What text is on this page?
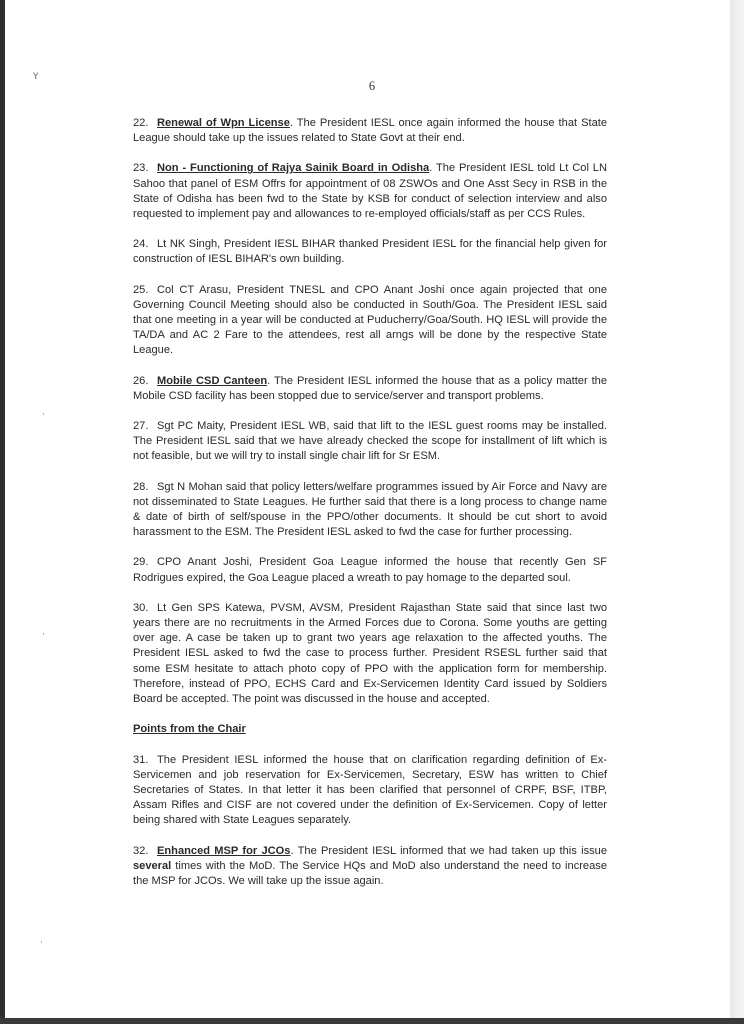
Y
·
·
·
6

22. Renewal of Wpn License. The President IESL once again informed the house that State League should take up the issues related to State Govt at their end.

23. Non - Functioning of Rajya Sainik Board in Odisha. The President IESL told Lt Col LN Sahoo that panel of ESM Offrs for appointment of 08 ZSWOs and One Asst Secy in RSB in the State of Odisha has been fwd to the State by KSB for conduct of selection interview and also requested to implement pay and allowances to re-employed officials/staff as per CCS Rules.

24. Lt NK Singh, President IESL BIHAR thanked President IESL for the financial help given for construction of IESL BIHAR's own building.

25. Col CT Arasu, President TNESL and CPO Anant Joshi once again projected that one Governing Council Meeting should also be conducted in South/Goa. The President IESL said that one meeting in a year will be conducted at Puducherry/Goa/South. HQ IESL will provide the TA/DA and AC 2 Fare to the attendees, rest all arngs will be done by the respective State League.

26. Mobile CSD Canteen. The President IESL informed the house that as a policy matter the Mobile CSD facility has been stopped due to service/server and transport problems.

27. Sgt PC Maity, President IESL WB, said that lift to the IESL guest rooms may be installed. The President IESL said that we have already checked the scope for installment of lift which is not feasible, but we will try to install single chair lift for Sr ESM.

28. Sgt N Mohan said that policy letters/welfare programmes issued by Air Force and Navy are not disseminated to State Leagues. He further said that there is a long process to change name & date of birth of self/spouse in the PPO/other documents. It should be cut short to avoid harassment to the ESM. The President IESL asked to fwd the case for further processing.

29. CPO Anant Joshi, President Goa League informed the house that recently Gen SF Rodrigues expired, the Goa League placed a wreath to pay homage to the departed soul.

30. Lt Gen SPS Katewa, PVSM, AVSM, President Rajasthan State said that since last two years there are no recruitments in the Armed Forces due to Corona. Some youths are getting over age. A case be taken up to grant two years age relaxation to the affected youths. The President IESL asked to fwd the case to process further. President RSESL further said that some ESM hesitate to attach photo copy of PPO with the application form for membership. Therefore, instead of PPO, ECHS Card and Ex-Servicemen Identity Card issued by Soldiers Board be accepted. The point was discussed in the house and accepted.

Points from the Chair

31. The President IESL informed the house that on clarification regarding definition of Ex-Servicemen and job reservation for Ex-Servicemen, Secretary, ESW has written to Chief Secretaries of States. In that letter it has been clarified that personnel of CRPF, BSF, ITBP, Assam Rifles and CISF are not covered under the definition of Ex-Servicemen. Copy of letter being shared with State Leagues separately.

32. Enhanced MSP for JCOs. The President IESL informed that we had taken up this issue several times with the MoD. The Service HQs and MoD also understand the need to increase the MSP for JCOs. We will take up the issue again.
